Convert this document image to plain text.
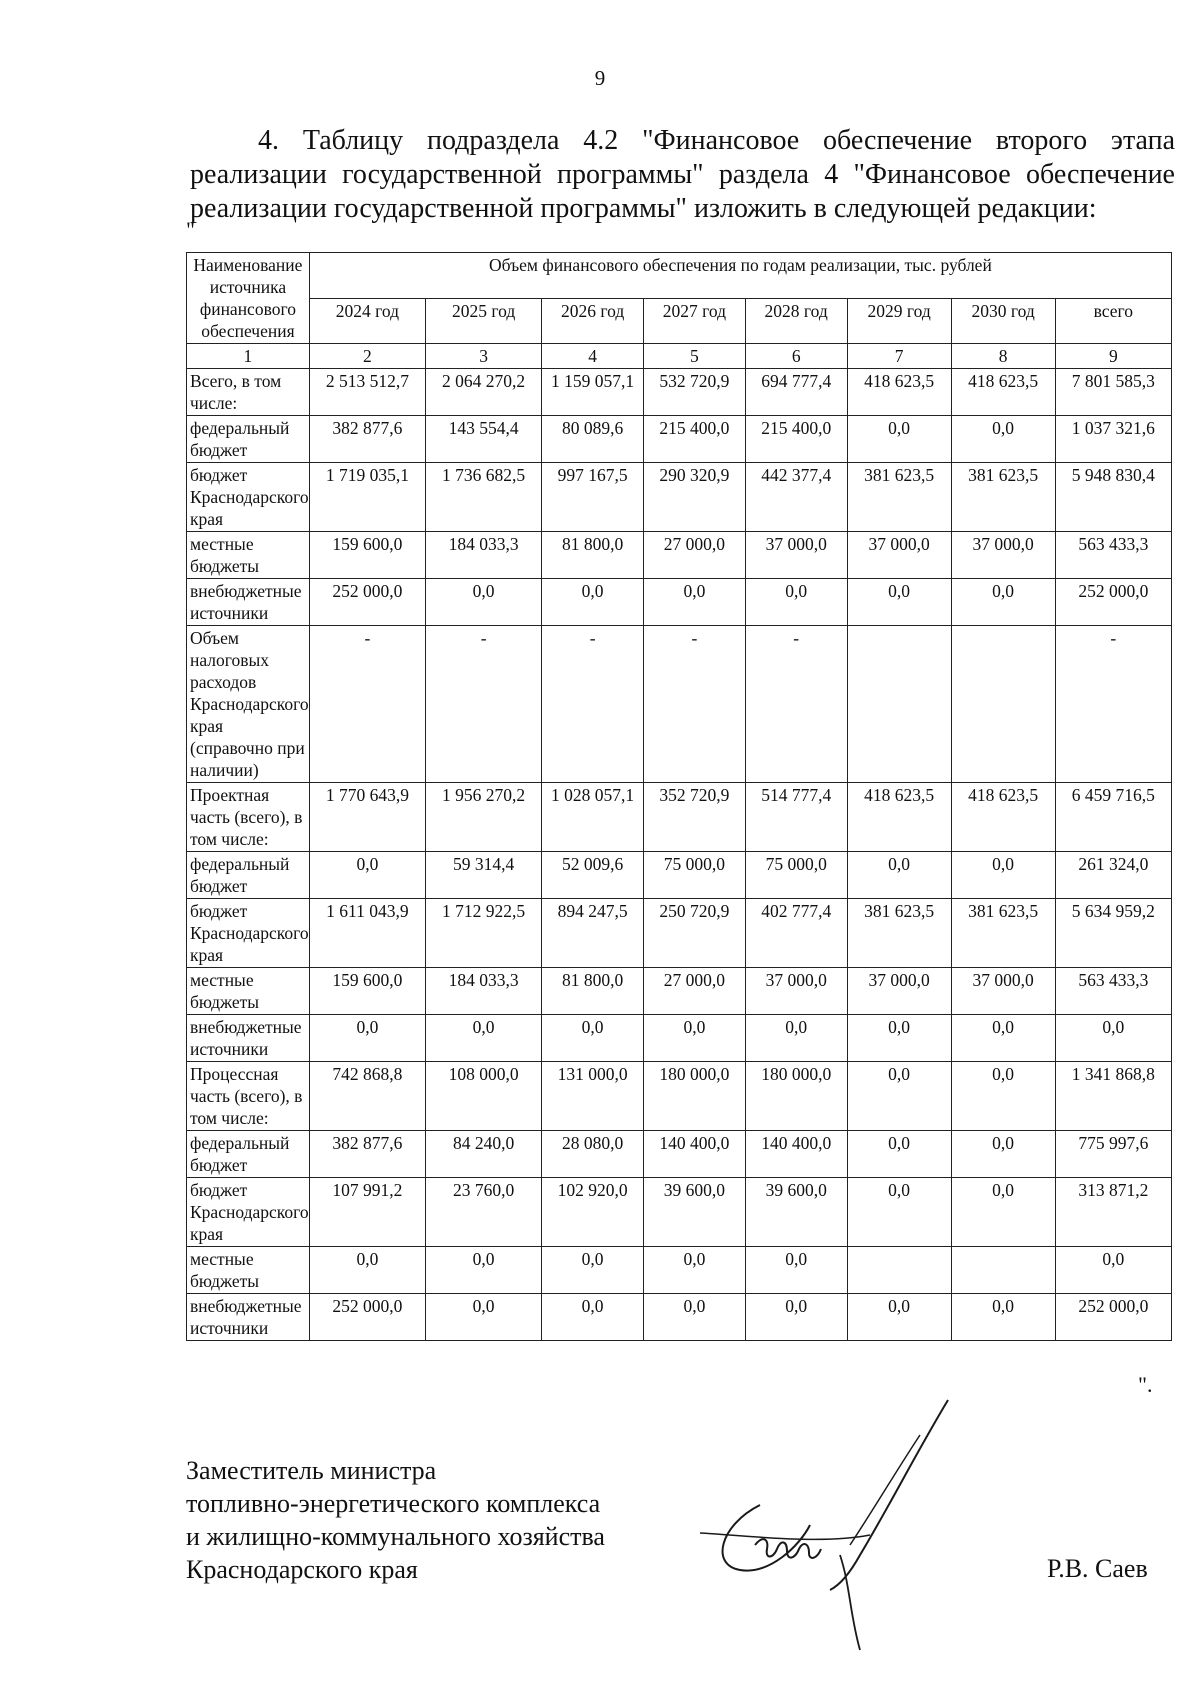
9

4. Таблицу подраздела 4.2 "Финансовое обеспечение второго этапа реализации государственной программы" раздела 4 "Финансовое обеспечение реализации государственной программы" изложить в следующей редакции:

"
Наименование источника финансового обеспечения	Объем финансового обеспечения по годам реализации, тыс. рублей							
	2024 год	2025 год	2026 год	2027 год	2028 год	2029 год	2030 год	всего
1	2	3	4	5	6	7	8	9
Всего, в том числе:	2 513 512,7	2 064 270,2	1 159 057,1	532 720,9	694 777,4	418 623,5	418 623,5	7 801 585,3
федеральный бюджет	382 877,6	143 554,4	80 089,6	215 400,0	215 400,0	0,0	0,0	1 037 321,6
бюджет Краснодарского края	1 719 035,1	1 736 682,5	997 167,5	290 320,9	442 377,4	381 623,5	381 623,5	5 948 830,4
местные бюджеты	159 600,0	184 033,3	81 800,0	27 000,0	37 000,0	37 000,0	37 000,0	563 433,3
внебюджетные источники	252 000,0	0,0	0,0	0,0	0,0	0,0	0,0	252 000,0
Объем налоговых расходов Краснодарского края (справочно при наличии)	-	-	-	-	-			-
Проектная часть (всего), в том числе:	1 770 643,9	1 956 270,2	1 028 057,1	352 720,9	514 777,4	418 623,5	418 623,5	6 459 716,5
федеральный бюджет	0,0	59 314,4	52 009,6	75 000,0	75 000,0	0,0	0,0	261 324,0
бюджет Краснодарского края	1 611 043,9	1 712 922,5	894 247,5	250 720,9	402 777,4	381 623,5	381 623,5	5 634 959,2
местные бюджеты	159 600,0	184 033,3	81 800,0	27 000,0	37 000,0	37 000,0	37 000,0	563 433,3
внебюджетные источники	0,0	0,0	0,0	0,0	0,0	0,0	0,0	0,0
Процессная часть (всего), в том числе:	742 868,8	108 000,0	131 000,0	180 000,0	180 000,0	0,0	0,0	1 341 868,8
федеральный бюджет	382 877,6	84 240,0	28 080,0	140 400,0	140 400,0	0,0	0,0	775 997,6
бюджет Краснодарского края	107 991,2	23 760,0	102 920,0	39 600,0	39 600,0	0,0	0,0	313 871,2
местные бюджеты	0,0	0,0	0,0	0,0	0,0			0,0
внебюджетные источники	252 000,0	0,0	0,0	0,0	0,0	0,0	0,0	252 000,0
".
Заместитель министра
топливно-энергетического комплекса
и жилищно-коммунального хозяйства
Краснодарского края	Р.В. Саев
